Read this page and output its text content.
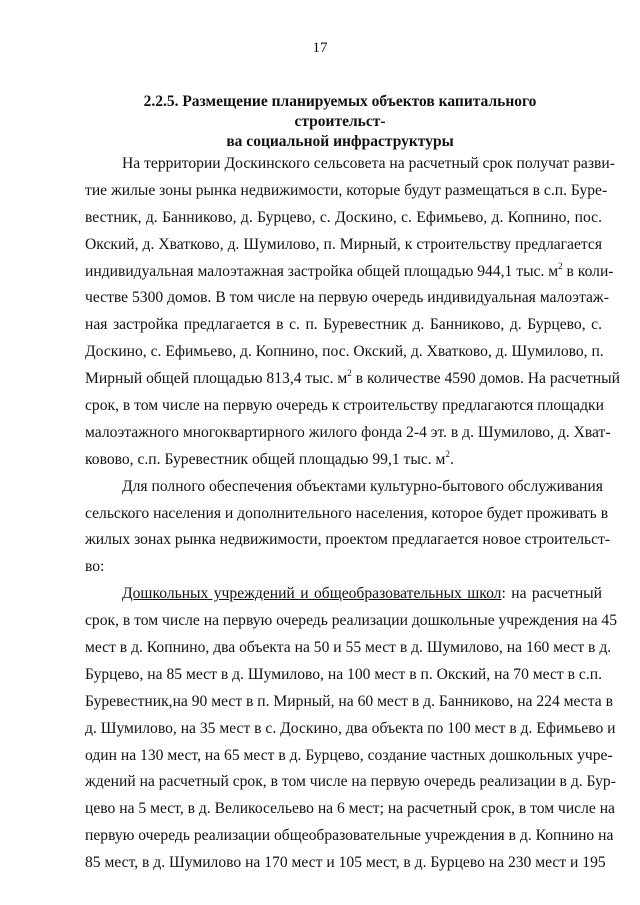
17
2.2.5. Размещение планируемых объектов капитального строительст-
ва социальной инфраструктуры
На территории Доскинского сельсовета на расчетный срок получат разви-
тие жилые зоны рынка недвижимости, которые будут размещаться в с.п. Буре-
вестник, д. Банниково, д. Бурцево, с. Доскино, с. Ефимьево, д. Копнино, пос.
Окский, д. Хватково, д. Шумилово, п. Мирный, к строительству предлагается
индивидуальная малоэтажная застройка общей площадью 944,1 тыс. $м^2$ в коли-
честве 5300 домов. В том числе на первую очередь индивидуальная малоэтаж-
ная застройка предлагается в с. п. Буревестник д. Банниково, д. Бурцево, с.
Доскино, с. Ефимьево, д. Копнино, пос. Окский, д. Хватково, д. Шумилово, п.
Мирный общей площадью 813,4 тыс. $м^2$ в количестве 4590 домов. На расчетный
срок, в том числе на первую очередь к строительству предлагаются площадки
малоэтажного многоквартирного жилого фонда 2-4 эт. в д. Шумилово, д. Хват-
ковово, с.п. Буревестник общей площадью 99,1 тыс. $м^2$.
Для полного обеспечения объектами культурно-бытового обслуживания
сельского населения и дополнительного населения, которое будет проживать в
жилых зонах рынка недвижимости, проектом предлагается новое строительст-
во:
Дошкольных учреждений и общеобразовательных школ: на расчетный
срок, в том числе на первую очередь реализации дошкольные учреждения на 45
мест в д. Копнино, два объекта на 50 и 55 мест в д. Шумилово, на 160 мест в д.
Бурцево, на 85 мест в д. Шумилово, на 100 мест в п. Окский, на 70 мест в с.п.
Буревестник,на 90 мест в п. Мирный, на 60 мест в д. Банниково, на 224 места в
д. Шумилово, на 35 мест в с. Доскино, два объекта по 100 мест в д. Ефимьево и
один на 130 мест, на 65 мест в д. Бурцево, создание частных дошкольных учре-
ждений на расчетный срок, в том числе на первую очередь реализации в д. Бур-
цево на 5 мест, в д. Великосельево на 6 мест; на расчетный срок, в том числе на
первую очередь реализации общеобразовательные учреждения в д. Копнино на
85 мест, в д. Шумилово на 170 мест и 105 мест, в д. Бурцево на 230 мест и 195
